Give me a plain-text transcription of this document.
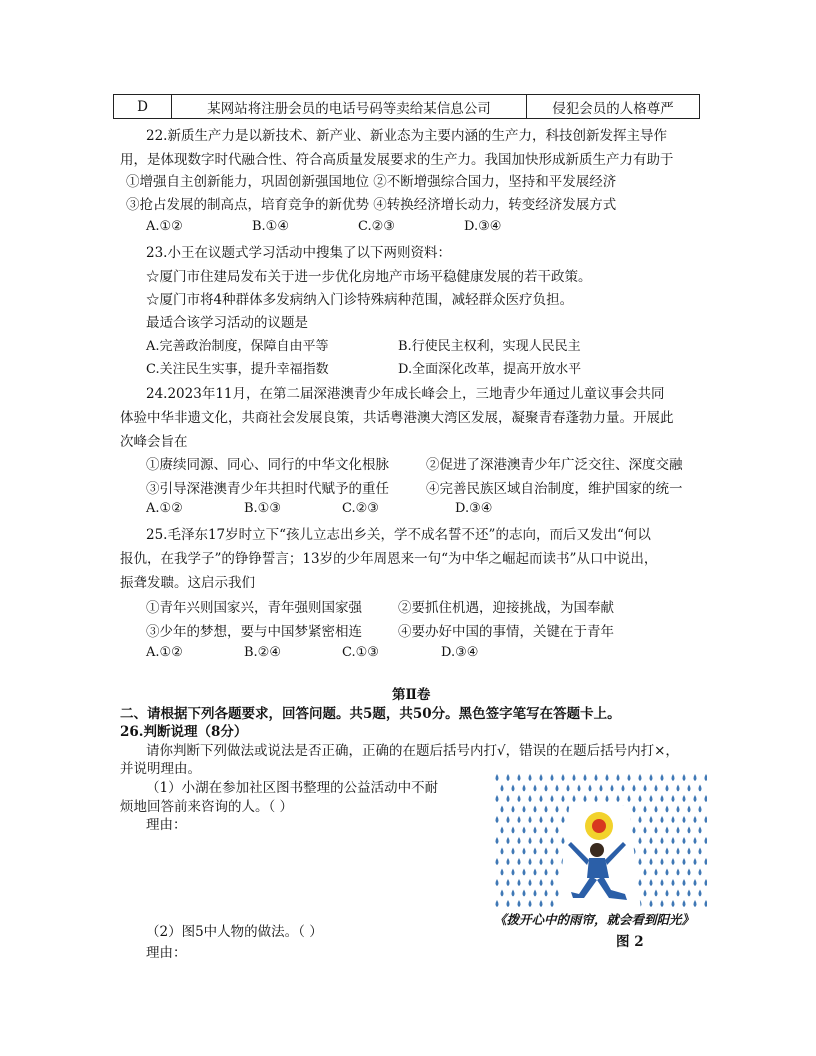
D	某网站将注册会员的电话号码等卖给某信息公司	侵犯会员的人格尊严
22.新质生产力是以新技术、新产业、新业态为主要内涵的生产力，科技创新发挥主导作
用，是体现数字时代融合性、符合高质量发展要求的生产力。我国加快形成新质生产力有助于
①增强自主创新能力，巩固创新强国地位 ②不断增强综合国力，坚持和平发展经济
③抢占发展的制高点，培育竞争的新优势 ④转换经济增长动力，转变经济发展方式
A.①②	B.①④	C.②③	D.③④
23.小王在议题式学习活动中搜集了以下两则资料：
☆厦门市住建局发布关于进一步优化房地产市场平稳健康发展的若干政策。
☆厦门市将4种群体多发病纳入门诊特殊病种范围，减轻群众医疗负担。
最适合该学习活动的议题是
A.完善政治制度，保障自由平等	B.行使民主权利，实现人民民主
C.关注民生实事，提升幸福指数	D.全面深化改革，提高开放水平
24.2023年11月，在第二届深港澳青少年成长峰会上，三地青少年通过儿童议事会共同
体验中华非遗文化，共商社会发展良策，共话粤港澳大湾区发展，凝聚青春蓬勃力量。开展此
次峰会旨在
①赓续同源、同心、同行的中华文化根脉	②促进了深港澳青少年广泛交往、深度交融
③引导深港澳青少年共担时代赋予的重任	④完善民族区域自治制度，维护国家的统一
A.①②	B.①③	C.②③	D.③④
25.毛泽东17岁时立下“孩儿立志出乡关，学不成名誓不还”的志向，而后又发出“何以
报仇，在我学子”的铮铮誓言；13岁的少年周恩来一句“为中华之崛起而读书”从口中说出，
振聋发聩。这启示我们
①青年兴则国家兴，青年强则国家强	②要抓住机遇，迎接挑战，为国奉献
③少年的梦想，要与中国梦紧密相连	④要办好中国的事情，关键在于青年
A.①②	B.②④	C.①③	D.③④
第Ⅱ卷
二、请根据下列各题要求，回答问题。共5题，共50分。黑色签字笔写在答题卡上。
26.判断说理（8分）
请你判断下列做法或说法是否正确，正确的在题后括号内打√，错误的在题后括号内打×，
并说明理由。
（1）小湖在参加社区图书整理的公益活动中不耐
烦地回答前来咨询的人。（ ）
理由：
（2）图5中人物的做法。（ ）
理由：
《拨开心中的雨帘，就会看到阳光》
图 2
